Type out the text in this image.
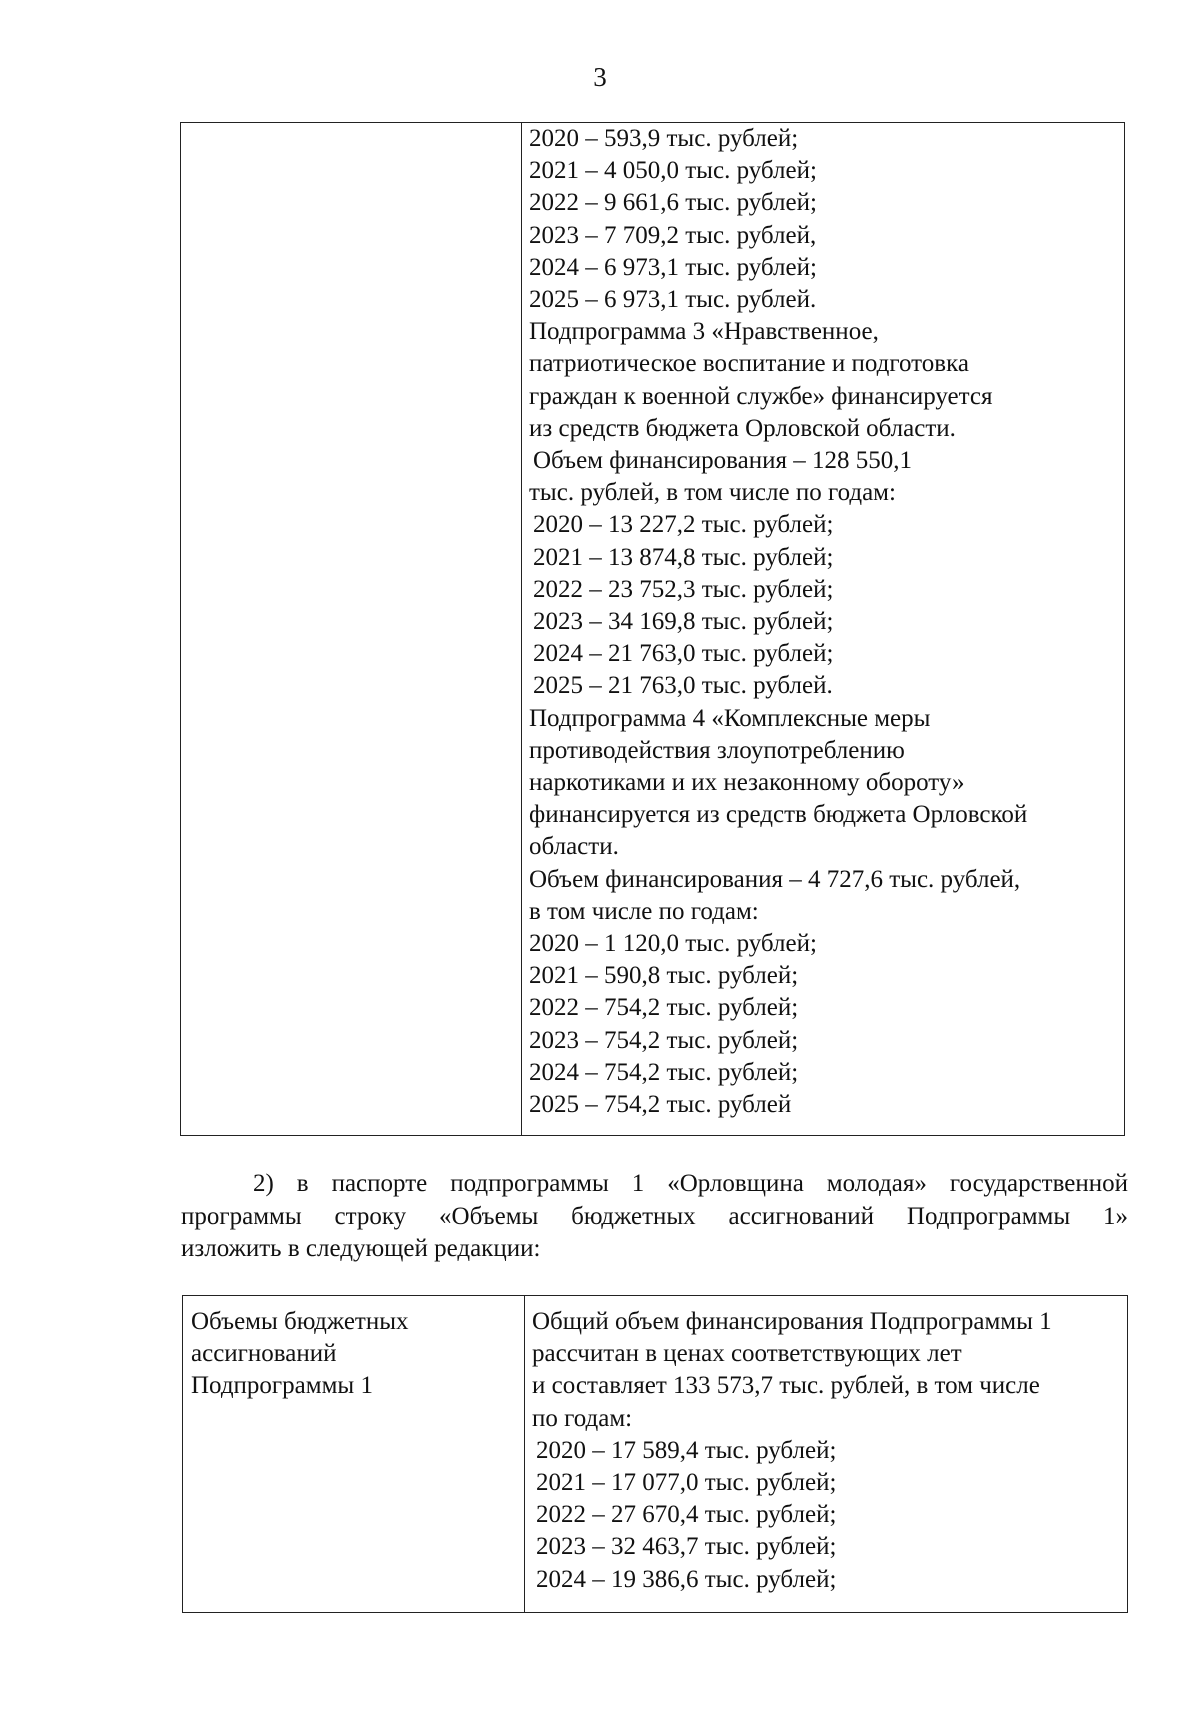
3
2020 – 593,9 тыс. рублей;
2021 – 4 050,0 тыс. рублей;
2022 – 9 661,6 тыс. рублей;
2023 – 7 709,2 тыс. рублей,
2024 – 6 973,1 тыс. рублей;
2025 – 6 973,1 тыс. рублей.
Подпрограмма 3 «Нравственное,
патриотическое воспитание и подготовка
граждан к военной службе» финансируется
из средств бюджета Орловской области.
Объем финансирования – 128 550,1
тыс. рублей, в том числе по годам:
2020 – 13 227,2 тыс. рублей;
2021 – 13 874,8 тыс. рублей;
2022 – 23 752,3 тыс. рублей;
2023 – 34 169,8 тыс. рублей;
2024 – 21 763,0 тыс. рублей;
2025 – 21 763,0 тыс. рублей.
Подпрограмма 4 «Комплексные меры
противодействия злоупотреблению
наркотиками и их незаконному обороту»
финансируется из средств бюджета Орловской
области.
Объем финансирования – 4 727,6 тыс. рублей,
в том числе по годам:
2020 – 1 120,0 тыс. рублей;
2021 – 590,8 тыс. рублей;
2022 – 754,2 тыс. рублей;
2023 – 754,2 тыс. рублей;
2024 – 754,2 тыс. рублей;
2025 – 754,2 тыс. рублей
2) в паспорте подпрограммы 1 «Орловщина молодая» государственной
программы строку «Объемы бюджетных ассигнований Подпрограммы 1»
изложить в следующей редакции:
Объемы бюджетных
ассигнований
Подпрограммы 1
Общий объем финансирования Подпрограммы 1
рассчитан в ценах соответствующих лет
и составляет 133 573,7 тыс. рублей, в том числе
по годам:
2020 – 17 589,4 тыс. рублей;
2021 – 17 077,0 тыс. рублей;
2022 – 27 670,4 тыс. рублей;
2023 – 32 463,7 тыс. рублей;
2024 – 19 386,6 тыс. рублей;
